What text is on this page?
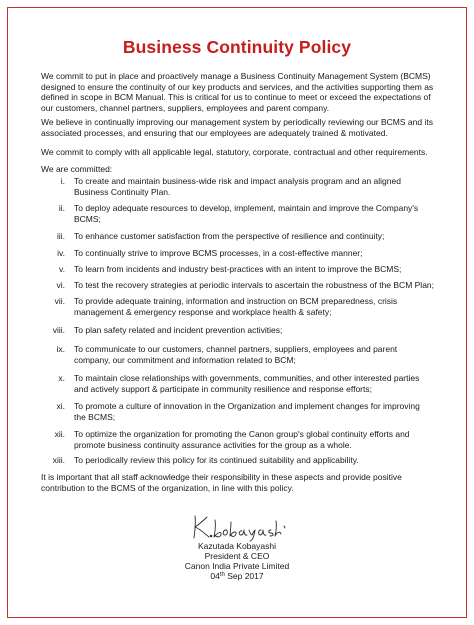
Business Continuity Policy
We commit to put in place and proactively manage a Business Continuity Management System (BCMS) designed to ensure the continuity of our key products and services, and the activities supporting them as defined in scope in BCM Manual. This is critical for us to continue to meet or exceed the expectations of our customers, channel partners, suppliers, employees and parent company.
We believe in continually improving our management system by periodically reviewing our BCMS and its associated processes, and ensuring that our employees are adequately trained & motivated.
We commit to comply with all applicable legal, statutory, corporate, contractual and other requirements.
We are committed:
i. To create and maintain business-wide risk and impact analysis program and an aligned Business Continuity Plan.
ii. To deploy adequate resources to develop, implement, maintain and improve the Company's BCMS;
iii. To enhance customer satisfaction from the perspective of resilience and continuity;
iv. To continually strive to improve BCMS processes, in a cost-effective manner;
v. To learn from incidents and industry best-practices with an intent to improve the BCMS;
vi. To test the recovery strategies at periodic intervals to ascertain the robustness of the BCM Plan;
vii. To provide adequate training, information and instruction on BCM preparedness, crisis management & emergency response and workplace health & safety;
viii. To plan safety related and incident prevention activities;
ix. To communicate to our customers, channel partners, suppliers, employees and parent company, our commitment and information related to BCM;
x. To maintain close relationships with governments, communities, and other interested parties and actively support & participate in community resilience and response efforts;
xi. To promote a culture of innovation in the Organization and implement changes for improving the BCMS;
xii. To optimize the organization for promoting the Canon group's global continuity efforts and promote business continuity assurance activities for the group as a whole.
xiii. To periodically review this policy for its continued suitability and applicability.
It is important that all staff acknowledge their responsibility in these aspects and provide positive contribution to the BCMS of the organization, in line with this policy.
Kazutada Kobayashi
President & CEO
Canon India Private Limited
04th Sep 2017
